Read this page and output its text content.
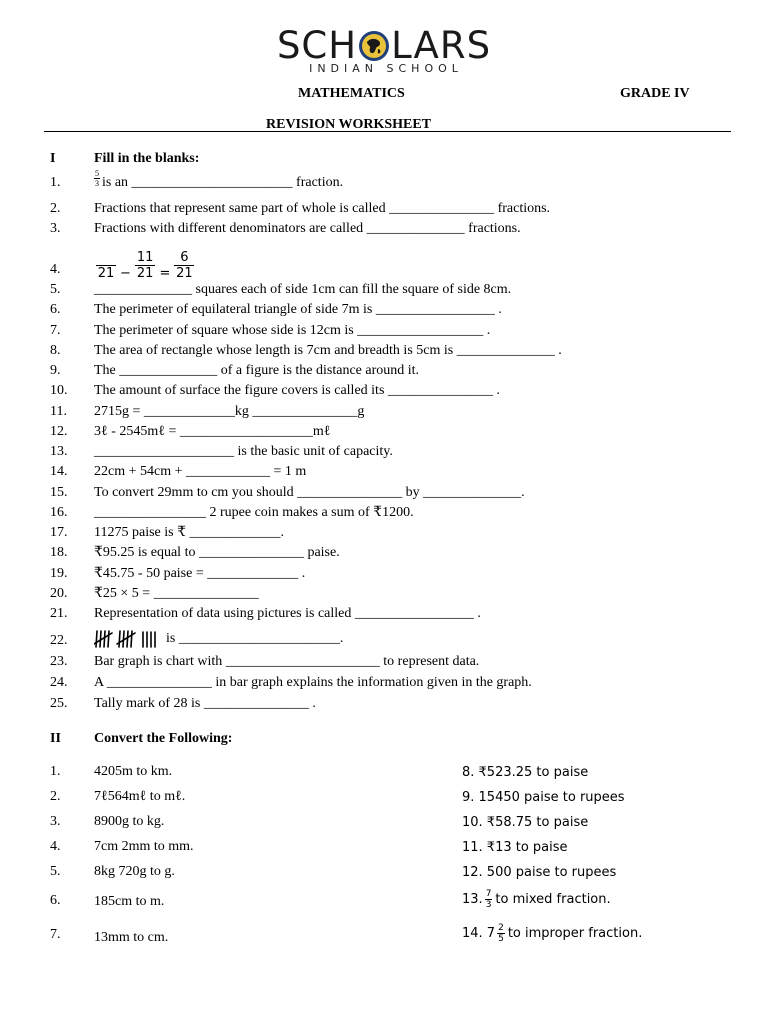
SCH LARS
INDIAN SCHOOL
MATHEMATICS	GRADE IV
REVISION WORKSHEET
I	Fill in the blanks:
1.	$\frac{5}{3}$ is an _______________________ fraction.
2. Fractions that represent same part of whole is called _______________ fractions.
3. Fractions with different denominators are called ______________ fractions.
4.	$21 - \frac{11}{21} = \frac{6}{21}$
5. ______________ squares each of side 1cm can fill the square of side 8cm.
6. The perimeter of equilateral triangle of side 7m is _________________ .
7. The perimeter of square whose side is 12cm is __________________ .
8. The area of rectangle whose length is 7cm and breadth is 5cm is ______________ .
9. The ______________ of a figure is the distance around it.
10. The amount of surface the figure covers is called its _______________ .
11. 2715g = _____________kg _______________g
12. 3ℓ - 2545mℓ = ___________________mℓ
13. ____________________ is the basic unit of capacity.
14. 22cm + 54cm + ____________ = 1 m
15. To convert 29mm to cm you should _______________ by ______________.
16. ________________ 2 rupee coin makes a sum of ₹1200.
17. 11275 paise is ₹ _____________.
18. ₹95.25 is equal to _______________ paise.
19. ₹45.75 - 50 paise = _____________ .
20. ₹25 × 5 = _______________
21. Representation of data using pictures is called _________________ .
22.	is _______________________.
23. Bar graph is chart with ______________________ to represent data.
24. A _______________ in bar graph explains the information given in the graph.
25. Tally mark of 28 is _______________ .
II Convert the Following:
1. 4205m to km.
2. 7ℓ564mℓ to mℓ.
3. 8900g to kg.
4. 7cm 2mm to mm.
5. 8kg 720g to g.
6. 185cm to m.
7. 13mm to cm.
8. ₹523.25 to paise
9. 15450 paise to rupees
10. ₹58.75 to paise
11. ₹13 to paise
12. 500 paise to rupees
13. $\frac{7}{3}$ to mixed fraction.
14. $7 \frac{2}{5}$ to improper fraction.
